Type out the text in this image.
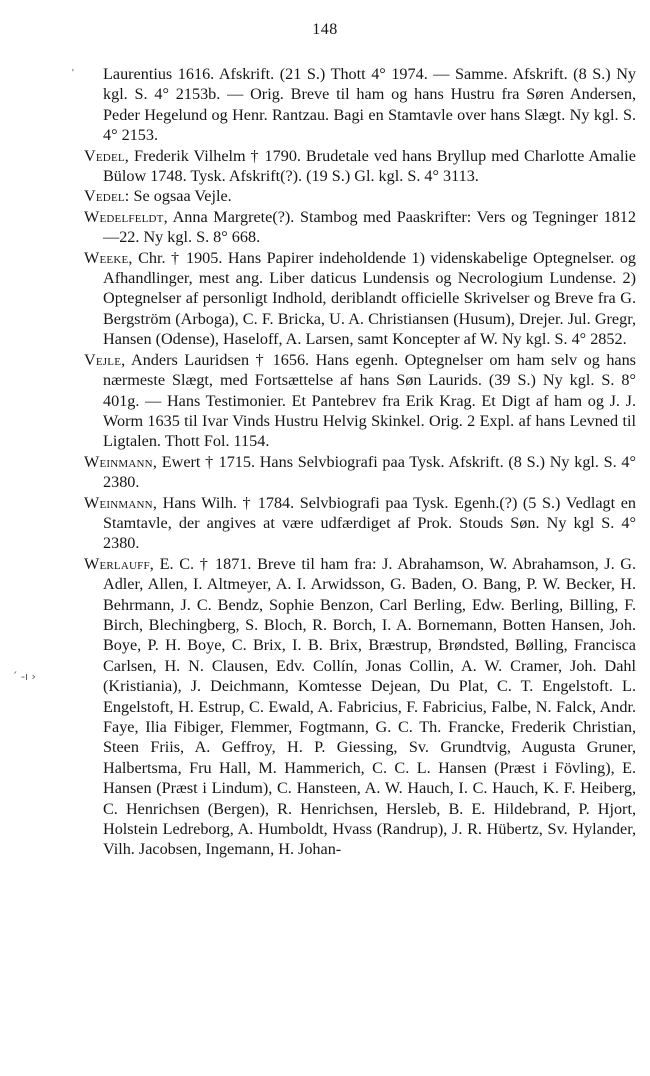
148
'
´ -ı ›

Laurentius 1616. Afskrift. (21 S.) Thott 4° 1974. — Samme. Afskrift. (8 S.) Ny kgl. S. 4° 2153b. — Orig. Breve til ham og hans Hustru fra Søren Andersen, Peder Hegelund og Henr. Rantzau. Bagi en Stamtavle over hans Slægt. Ny kgl. S. 4° 2153.

Vedel, Frederik Vilhelm † 1790. Brudetale ved hans Bryllup med Charlotte Amalie Bülow 1748. Tysk. Afskrift(?). (19 S.) Gl. kgl. S. 4° 3113.

Vedel: Se ogsaa Vejle.

Wedelfeldt, Anna Margrete(?). Stambog med Paaskrifter: Vers og Tegninger 1812—22. Ny kgl. S. 8° 668.

Weeke, Chr. † 1905. Hans Papirer indeholdende 1) videnskabelige Optegnelser. og Afhandlinger, mest ang. Liber daticus Lundensis og Necrologium Lundense. 2) Optegnelser af personligt Indhold, deriblandt officielle Skrivelser og Breve fra G. Bergström (Arboga), C. F. Bricka, U. A. Christiansen (Husum), Drejer. Jul. Gregr, Hansen (Odense), Haseloff, A. Larsen, samt Koncepter af W. Ny kgl. S. 4° 2852.

Vejle, Anders Lauridsen † 1656. Hans egenh. Optegnelser om ham selv og hans nærmeste Slægt, med Fortsættelse af hans Søn Laurids. (39 S.) Ny kgl. S. 8° 401g. — Hans Testimonier. Et Pantebrev fra Erik Krag. Et Digt af ham og J. J. Worm 1635 til Ivar Vinds Hustru Helvig Skinkel. Orig. 2 Expl. af hans Levned til Ligtalen. Thott Fol. 1154.

Weinmann, Ewert † 1715. Hans Selvbiografi paa Tysk. Afskrift. (8 S.) Ny kgl. S. 4° 2380.

Weinmann, Hans Wilh. † 1784. Selvbiografi paa Tysk. Egenh.(?) (5 S.) Vedlagt en Stamtavle, der angives at være udfærdiget af Prok. Stouds Søn. Ny kgl S. 4° 2380.

Werlauff, E. C. † 1871. Breve til ham fra: J. Abrahamson, W. Abrahamson, J. G. Adler, Allen, I. Altmeyer, A. I. Arwidsson, G. Baden, O. Bang, P. W. Becker, H. Behrmann, J. C. Bendz, Sophie Benzon, Carl Berling, Edw. Berling, Billing, F. Birch, Blechingberg, S. Bloch, R. Borch, I. A. Bornemann, Botten Hansen, Joh. Boye, P. H. Boye, C. Brix, I. B. Brix, Bræstrup, Brøndsted, Bølling, Francisca Carlsen, H. N. Clausen, Edv. Collín, Jonas Collin, A. W. Cramer, Joh. Dahl (Kristiania), J. Deichmann, Komtesse Dejean, Du Plat, C. T. Engelstoft. L. Engelstoft, H. Estrup, C. Ewald, A. Fabricius, F. Fabricius, Falbe, N. Falck, Andr. Faye, Ilia Fibiger, Flemmer, Fogtmann, G. C. Th. Francke, Frederik Christian, Steen Friis, A. Geffroy, H. P. Giessing, Sv. Grundtvig, Augusta Gruner, Halbertsma, Fru Hall, M. Hammerich, C. C. L. Hansen (Præst i Fövling), E. Hansen (Præst i Lindum), C. Hansteen, A. W. Hauch, I. C. Hauch, K. F. Heiberg, C. Henrichsen (Bergen), R. Henrichsen, Hersleb, B. E. Hildebrand, P. Hjort, Holstein Ledreborg, A. Humboldt, Hvass (Randrup), J. R. Hübertz, Sv. Hylander, Vilh. Jacobsen, Ingemann, H. Johan-
